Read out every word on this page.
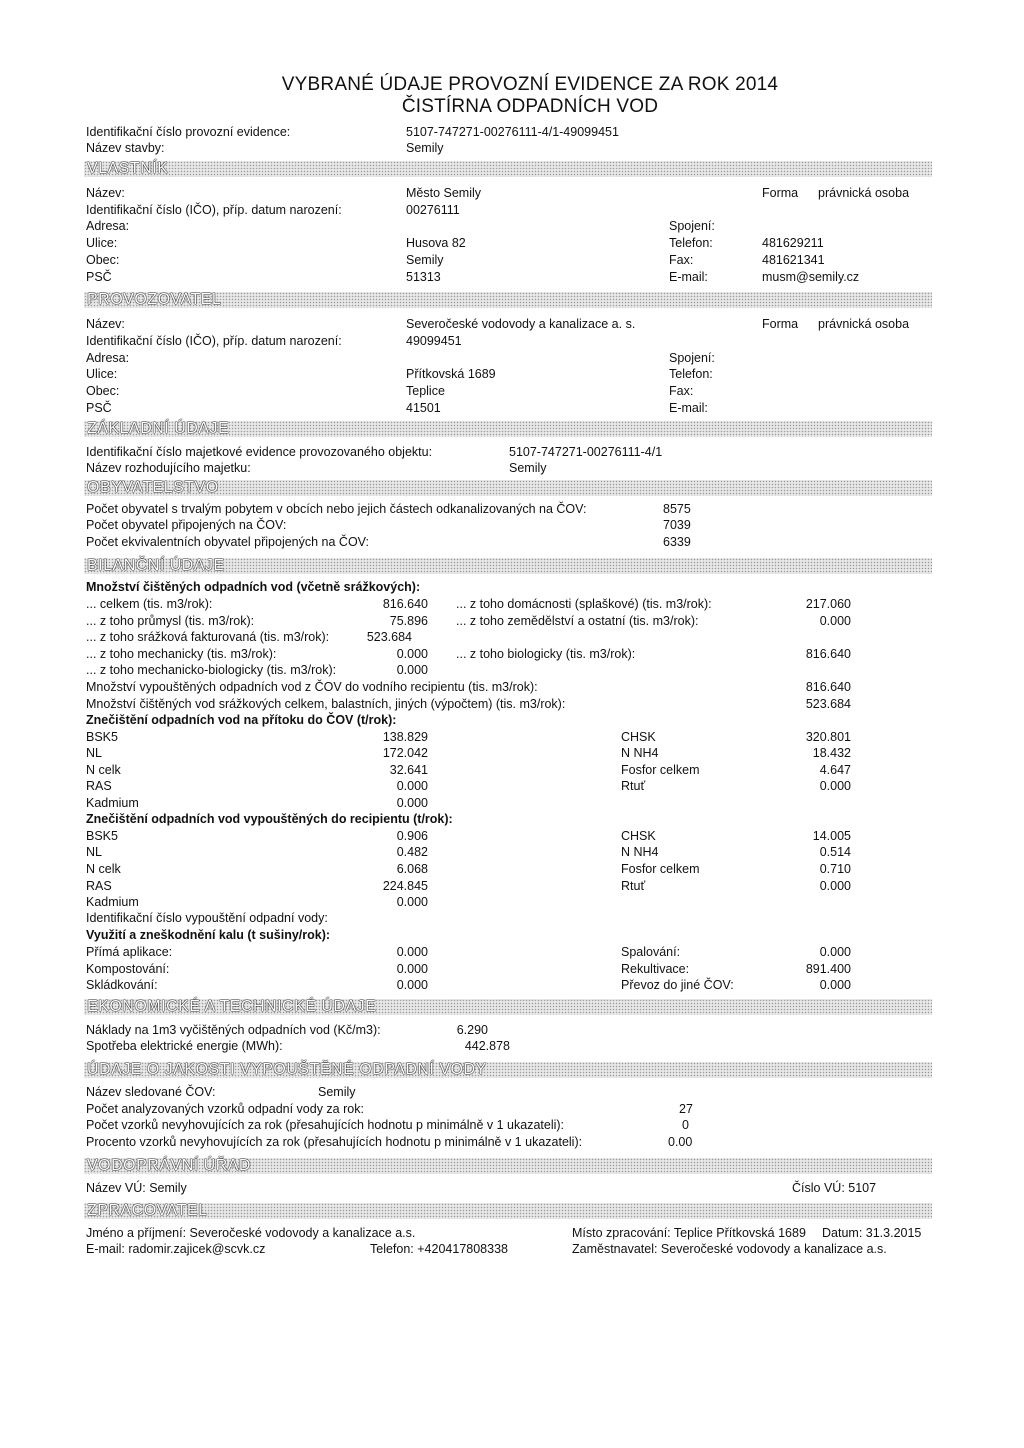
VYBRANÉ ÚDAJE PROVOZNÍ EVIDENCE ZA ROK 2014
ČISTÍRNA ODPADNÍCH VOD
Identifikační číslo provozní evidence:	5107-747271-00276111-4/1-49099451
Název stavby:	Semily
VLASTNÍK
Název:	Město Semily	Forma právnická osoba
Identifikační číslo (IČO), příp. datum narození:	00276111
Adresa:	Spojení:
Ulice:	Husova 82	Telefon:	481629211
Obec:	Semily	Fax:	481621341
PSČ	51313	E-mail:	musm@semily.cz
PROVOZOVATEL
Název:	Severočeské vodovody a kanalizace a. s.	Forma právnická osoba
Identifikační číslo (IČO), příp. datum narození:	49099451
Adresa:	Spojení:
Ulice:	Přítkovská 1689	Telefon:
Obec:	Teplice	Fax:
PSČ	41501	E-mail:
ZÁKLADNÍ ÚDAJE
Identifikační číslo majetkové evidence provozovaného objektu:	5107-747271-00276111-4/1
Název rozhodujícího majetku:	Semily
OBYVATELSTVO
Počet obyvatel s trvalým pobytem v obcích nebo jejich částech odkanalizovaných na ČOV:	8575
Počet obyvatel připojených na ČOV:	7039
Počet ekvivalentních obyvatel připojených na ČOV:	6339
BILANČNÍ ÚDAJE
Množství čištěných odpadních vod (včetně srážkových):
... celkem (tis. m3/rok):	816.640 ... z toho domácnosti (splaškové) (tis. m3/rok):	217.060
... z toho průmysl (tis. m3/rok):	75.896 ... z toho zemědělství a ostatní (tis. m3/rok):	0.000
... z toho srážková fakturovaná (tis. m3/rok):	523.684
... z toho mechanicky (tis. m3/rok):	0.000 ... z toho biologicky (tis. m3/rok):	816.640
... z toho mechanicko-biologicky (tis. m3/rok):	0.000
Množství vypouštěných odpadních vod z ČOV do vodního recipientu (tis. m3/rok):	816.640
Množství čištěných vod srážkových celkem, balastních, jiných (výpočtem) (tis. m3/rok):	523.684
Znečištění odpadních vod na přítoku do ČOV (t/rok):
BSK5	138.829	CHSK	320.801
NL	172.042	N NH4	18.432
N celk	32.641	Fosfor celkem	4.647
RAS	0.000	Rtuť	0.000
Kadmium	0.000
Znečištění odpadních vod vypouštěných do recipientu (t/rok):
BSK5	0.906	CHSK	14.005
NL	0.482	N NH4	0.514
N celk	6.068	Fosfor celkem	0.710
RAS	224.845	Rtuť	0.000
Kadmium	0.000
Identifikační číslo vypouštění odpadní vody:
Využití a zneškodnění kalu (t sušiny/rok):
Přímá aplikace:	0.000	Spalování:	0.000
Kompostování:	0.000	Rekultivace:	891.400
Skládkování:	0.000	Převoz do jiné ČOV:	0.000
EKONOMICKÉ A TECHNICKÉ ÚDAJE
Náklady na 1m3 vyčištěných odpadních vod (Kč/m3):	6.290
Spotřeba elektrické energie (MWh):	442.878
ÚDAJE O JAKOSTI VYPOUŠTĚNÉ ODPADNÍ VODY
Název sledované ČOV:	Semily
Počet analyzovaných vzorků odpadní vody za rok:	27
Počet vzorků nevyhovujících za rok (přesahujících hodnotu p minimálně v 1 ukazateli):	0
Procento vzorků nevyhovujících za rok (přesahujících hodnotu p minimálně v 1 ukazateli):	0.00
VODOPRÁVNÍ ÚŘAD
Název VÚ: Semily	Číslo VÚ: 5107
ZPRACOVATEL
Jméno a příjmení: Severočeské vodovody a kanalizace a.s.	Místo zpracování: Teplice Přítkovská 1689 Datum: 31.3.2015
E-mail: radomir.zajicek@scvk.cz	Telefon: +420417808338	Zaměstnavatel: Severočeské vodovody a kanalizace a.s.
